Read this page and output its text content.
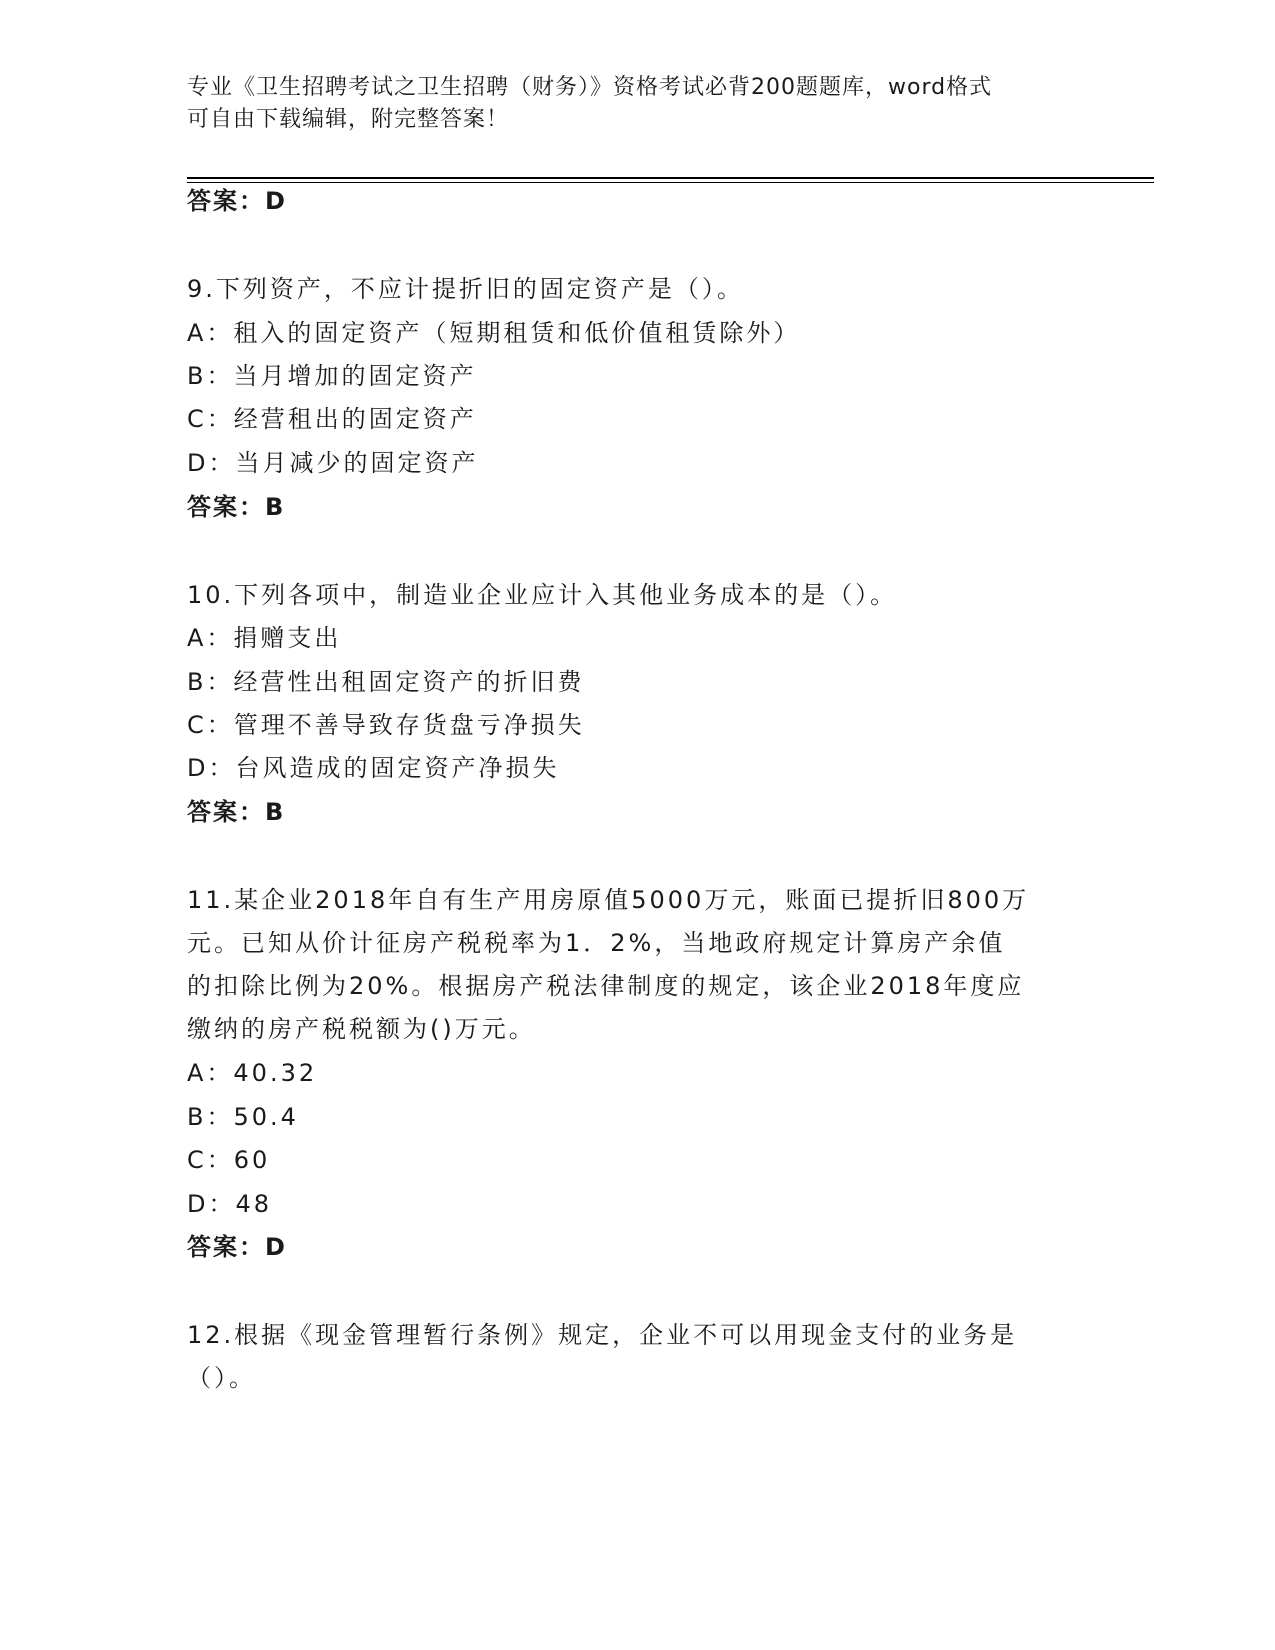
专业《卫生招聘考试之卫生招聘（财务）》资格考试必背200题题库，word格式
可自由下载编辑，附完整答案！
答案：D
9.下列资产，不应计提折旧的固定资产是（）。
A：租入的固定资产（短期租赁和低价值租赁除外）
B：当月增加的固定资产
C：经营租出的固定资产
D：当月减少的固定资产
答案：B
10.下列各项中，制造业企业应计入其他业务成本的是（）。
A：捐赠支出
B：经营性出租固定资产的折旧费
C：管理不善导致存货盘亏净损失
D：台风造成的固定资产净损失
答案：B
11.某企业2018年自有生产用房原值5000万元，账面已提折旧800万
元。已知从价计征房产税税率为1．2%，当地政府规定计算房产余值
的扣除比例为20%。根据房产税法律制度的规定，该企业2018年度应
缴纳的房产税税额为()万元。
A：40.32
B：50.4
C：60
D：48
答案：D
12.根据《现金管理暂行条例》规定，企业不可以用现金支付的业务是
（）。
